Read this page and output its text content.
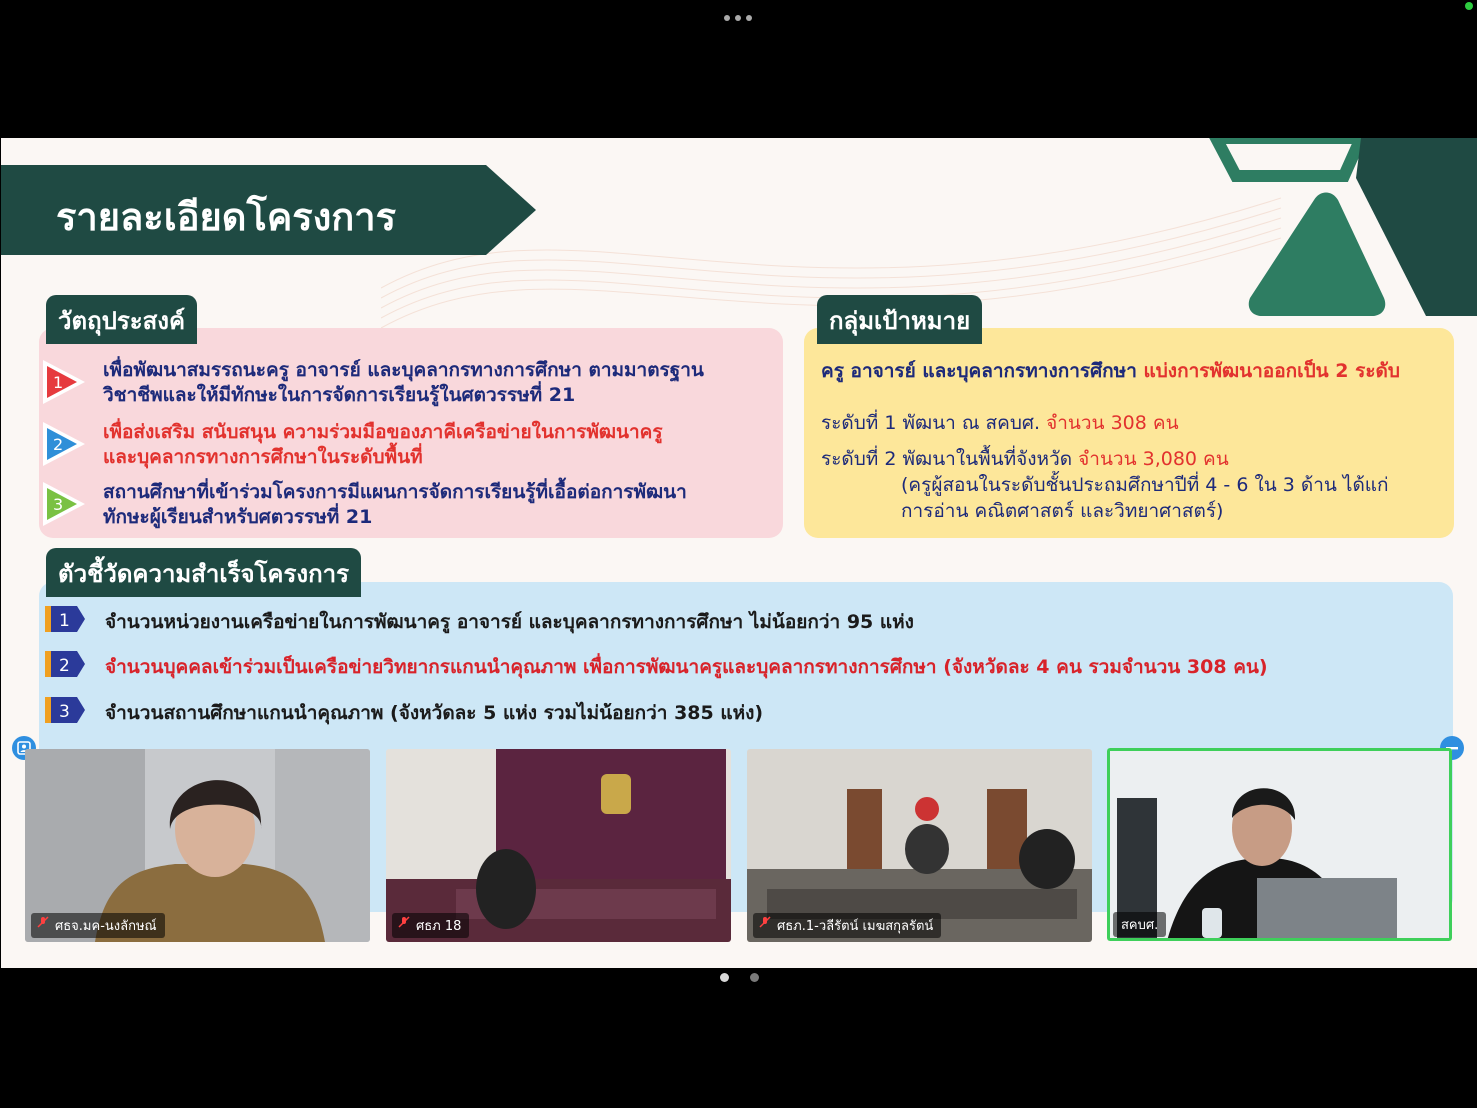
รายละเอียดโครงการ
วัตถุประสงค์
1
เพื่อพัฒนาสมรรถนะครู อาจารย์ และบุคลากรทางการศึกษา ตามมาตรฐาน
วิชาชีพและให้มีทักษะในการจัดการเรียนรู้ในศตวรรษที่ 21
2
เพื่อส่งเสริม สนับสนุน ความร่วมมือของภาคีเครือข่ายในการพัฒนาครู
และบุคลากรทางการศึกษาในระดับพื้นที่
3
สถานศึกษาที่เข้าร่วมโครงการมีแผนการจัดการเรียนรู้ที่เอื้อต่อการพัฒนา
ทักษะผู้เรียนสำหรับศตวรรษที่ 21
กลุ่มเป้าหมาย
ครู อาจารย์ และบุคลากรทางการศึกษา แบ่งการพัฒนาออกเป็น 2 ระดับ
ระดับที่ 1 พัฒนา ณ สคบศ. จำนวน 308 คน
ระดับที่ 2 พัฒนาในพื้นที่จังหวัด จำนวน 3,080 คน
(ครูผู้สอนในระดับชั้นประถมศึกษาปีที่ 4 - 6 ใน 3 ด้าน ได้แก่
การอ่าน คณิตศาสตร์ และวิทยาศาสตร์)
ตัวชี้วัดความสำเร็จโครงการ
1 จำนวนหน่วยงานเครือข่ายในการพัฒนาครู อาจารย์ และบุคลากรทางการศึกษา ไม่น้อยกว่า 95 แห่ง
2 จำนวนบุคคลเข้าร่วมเป็นเครือข่ายวิทยากรแกนนำคุณภาพ เพื่อการพัฒนาครูและบุคลากรทางการศึกษา (จังหวัดละ 4 คน รวมจำนวน 308 คน)
3 จำนวนสถานศึกษาแกนนำคุณภาพ (จังหวัดละ 5 แห่ง รวมไม่น้อยกว่า 385 แห่ง)
ศธจ.มค-นงลักษณ์	ศธภ 18	ศธภ.1-วลีรัตน์ เมฆสกุลรัตน์	สคบศ.
